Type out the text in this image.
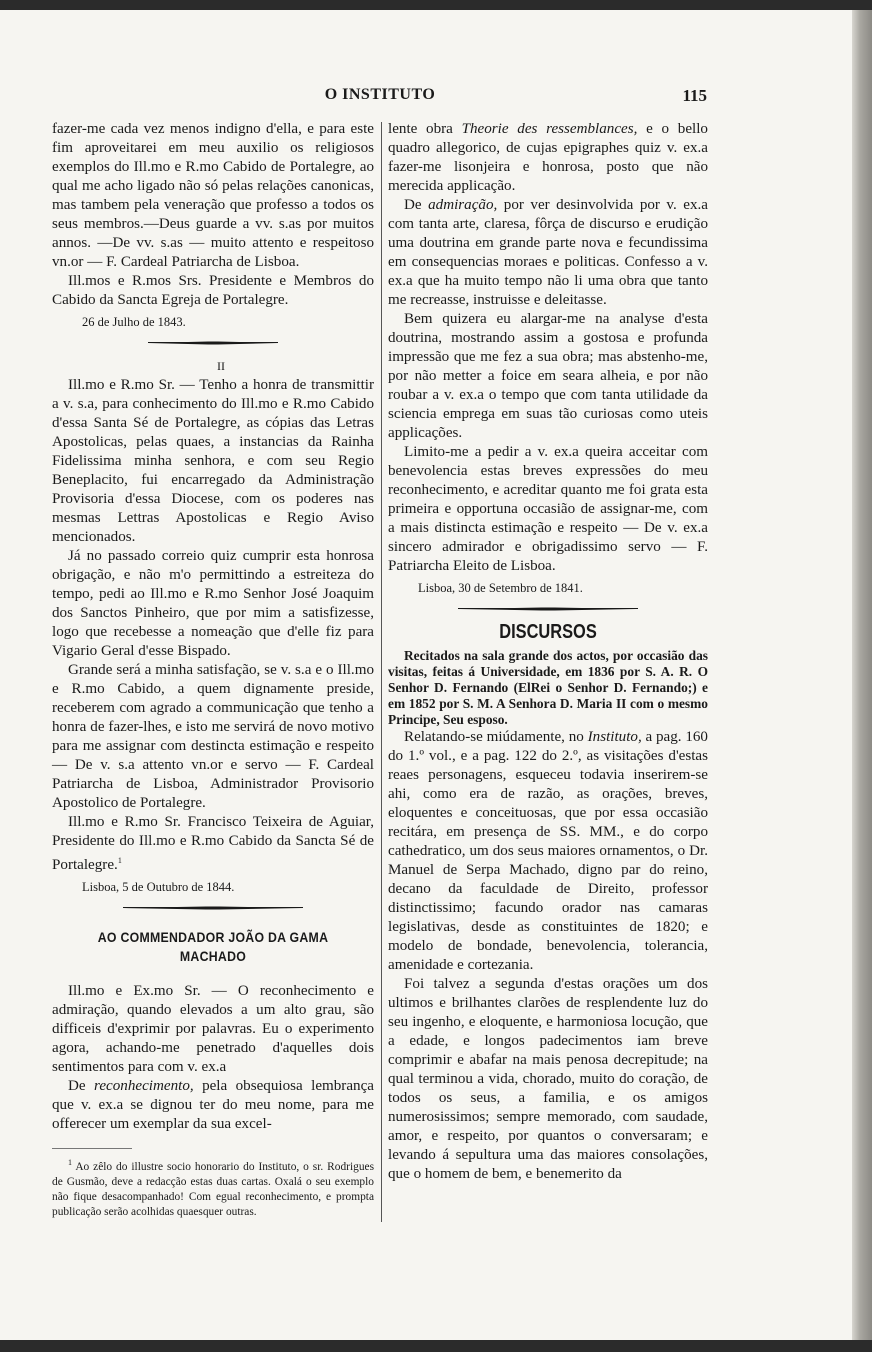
O INSTITUTO	115

fazer-me cada vez menos indigno d'ella, e para este fim aproveitarei em meu auxilio os religiosos exemplos do Ill.mo e R.mo Cabido de Portalegre, ao qual me acho ligado não só pelas relações canonicas, mas tambem pela veneração que professo a todos os seus membros.—Deus guarde a vv. s.as por muitos annos. —De vv. s.as — muito attento e respeitoso vn.or — F. Cardeal Patriarcha de Lisboa.

Ill.mos e R.mos Srs. Presidente e Membros do Cabido da Sancta Egreja de Portalegre.

26 de Julho de 1843.

II

Ill.mo e R.mo Sr. — Tenho a honra de transmittir a v. s.a, para conhecimento do Ill.mo e R.mo Cabido d'essa Santa Sé de Portalegre, as cópias das Letras Apostolicas, pelas quaes, a instancias da Rainha Fidelissima minha senhora, e com seu Regio Beneplacito, fui encarregado da Administração Provisoria d'essa Diocese, com os poderes nas mesmas Lettras Apostolicas e Regio Aviso mencionados.

Já no passado correio quiz cumprir esta honrosa obrigação, e não m'o permittindo a estreiteza do tempo, pedi ao Ill.mo e R.mo Senhor José Joaquim dos Sanctos Pinheiro, que por mim a satisfizesse, logo que recebesse a nomeação que d'elle fiz para Vigario Geral d'esse Bispado.

Grande será a minha satisfação, se v. s.a e o Ill.mo e R.mo Cabido, a quem dignamente preside, receberem com agrado a communicação que tenho a honra de fazer-lhes, e isto me servirá de novo motivo para me assignar com destincta estimação e respeito — De v. s.a attento vn.or e servo — F. Cardeal Patriarcha de Lisboa, Administrador Provisorio Apostolico de Portalegre.

Ill.mo e R.mo Sr. Francisco Teixeira de Aguiar, Presidente do Ill.mo e R.mo Cabido da Sancta Sé de Portalegre.$^1$

Lisboa, 5 de Outubro de 1844.

AO COMMENDADOR JOÃO DA GAMA MACHADO

Ill.mo e Ex.mo Sr. — O reconhecimento e admiração, quando elevados a um alto grau, são difficeis d'exprimir por palavras. Eu o experimento agora, achando-me penetrado d'aquelles dois sentimentos para com v. ex.a

De reconhecimento, pela obsequiosa lembrança que v. ex.a se dignou ter do meu nome, para me offerecer um exemplar da sua excel-

$^1$ Ao zêlo do illustre socio honorario do Instituto, o sr. Rodrigues de Gusmão, deve a redacção estas duas cartas. Oxalá o seu exemplo não fique desacompanhado! Com egual reconhecimento, e prompta publicação serão acolhidas quaesquer outras.

lente obra Theorie des ressemblances, e o bello quadro allegorico, de cujas epigraphes quiz v. ex.a fazer-me lisonjeira e honrosa, posto que não merecida applicação.

De admiração, por ver desinvolvida por v. ex.a com tanta arte, claresa, fôrça de discurso e erudição uma doutrina em grande parte nova e fecundissima em consequencias moraes e politicas. Confesso a v. ex.a que ha muito tempo não li uma obra que tanto me recreasse, instruisse e deleitasse.

Bem quizera eu alargar-me na analyse d'esta doutrina, mostrando assim a gostosa e profunda impressão que me fez a sua obra; mas abstenho-me, por não metter a foice em seara alheia, e por não roubar a v. ex.a o tempo que com tanta utilidade da sciencia emprega em suas tão curiosas como uteis applicações.

Limito-me a pedir a v. ex.a queira acceitar com benevolencia estas breves expressões do meu reconhecimento, e acreditar quanto me foi grata esta primeira e opportuna occasião de assignar-me, com a mais distincta estimação e respeito — De v. ex.a sincero admirador e obrigadissimo servo — F. Patriarcha Eleito de Lisboa.

Lisboa, 30 de Setembro de 1841.

DISCURSOS

Recitados na sala grande dos actos, por occasião das visitas, feitas á Universidade, em 1836 por S. A. R. O Senhor D. Fernando (ElRei o Senhor D. Fernando;) e em 1852 por S. M. A Senhora D. Maria II com o mesmo Principe, Seu esposo.

Relatando-se miúdamente, no Instituto, a pag. 160 do 1.º vol., e a pag. 122 do 2.º, as visitações d'estas reaes personagens, esqueceu todavia inserirem-se ahi, como era de razão, as orações, breves, eloquentes e conceituosas, que por essa occasião recitára, em presença de SS. MM., e do corpo cathedratico, um dos seus maiores ornamentos, o Dr. Manuel de Serpa Machado, digno par do reino, decano da faculdade de Direito, professor distinctissimo; facundo orador nas camaras legislativas, desde as constituintes de 1820; e modelo de bondade, benevolencia, tolerancia, amenidade e cortezania.

Foi talvez a segunda d'estas orações um dos ultimos e brilhantes clarões de resplendente luz do seu ingenho, e eloquente, e harmoniosa locução, que a edade, e longos padecimentos iam breve comprimir e abafar na mais penosa decrepitude; na qual terminou a vida, chorado, muito do coração, de todos os seus, a familia, e os amigos numerosissimos; sempre memorado, com saudade, amor, e respeito, por quantos o conversaram; e levando á sepultura uma das maiores consolações, que o homem de bem, e benemerito da
